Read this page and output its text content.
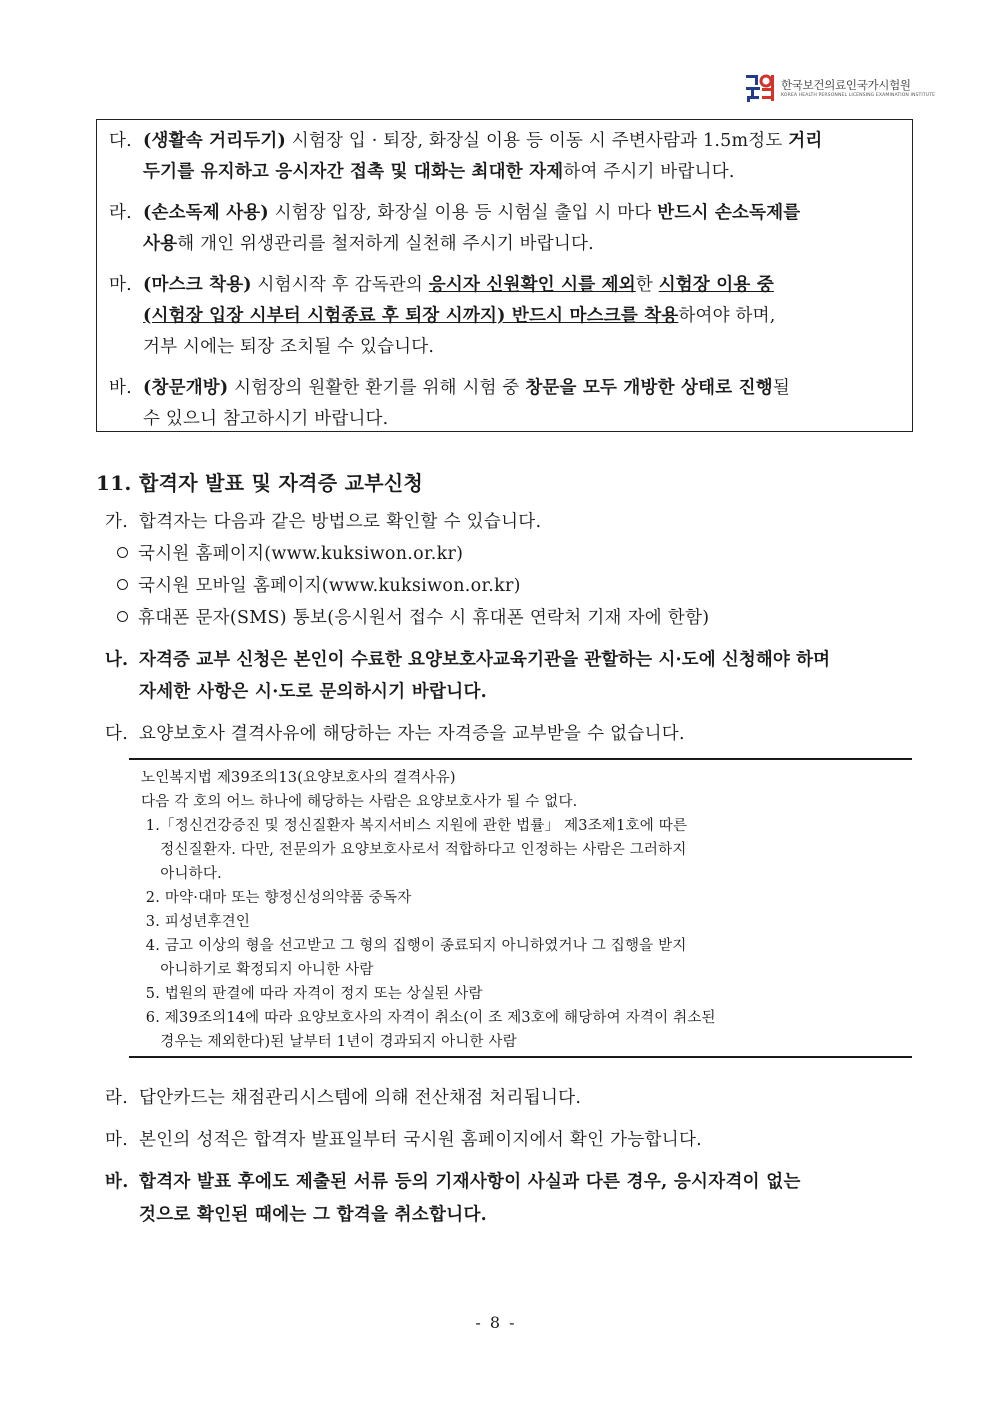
한국보건의료인국가시험원
KOREA HEALTH PERSONNEL LICENSING EXAMINATION INSTITUTE
다. (생활속 거리두기) 시험장 입 · 퇴장, 화장실 이용 등 이동 시 주변사람과 1.5m정도 거리
두기를 유지하고 응시자간 접촉 및 대화는 최대한 자제하여 주시기 바랍니다.
라. (손소독제 사용) 시험장 입장, 화장실 이용 등 시험실 출입 시 마다 반드시 손소독제를
사용해 개인 위생관리를 철저하게 실천해 주시기 바랍니다.
마. (마스크 착용) 시험시작 후 감독관의 응시자 신원확인 시를 제외한 시험장 이용 중
(시험장 입장 시부터 시험종료 후 퇴장 시까지) 반드시 마스크를 착용하여야 하며,
거부 시에는 퇴장 조치될 수 있습니다.
바. (창문개방) 시험장의 원활한 환기를 위해 시험 중 창문을 모두 개방한 상태로 진행될
수 있으니 참고하시기 바랍니다.
11. 합격자 발표 및 자격증 교부신청
가. 합격자는 다음과 같은 방법으로 확인할 수 있습니다.
국시원 홈페이지(www.kuksiwon.or.kr)
국시원 모바일 홈페이지(www.kuksiwon.or.kr)
휴대폰 문자(SMS) 통보(응시원서 접수 시 휴대폰 연락처 기재 자에 한함)
나. 자격증 교부 신청은 본인이 수료한 요양보호사교육기관을 관할하는 시·도에 신청해야 하며
자세한 사항은 시·도로 문의하시기 바랍니다.
다. 요양보호사 결격사유에 해당하는 자는 자격증을 교부받을 수 없습니다.
노인복지법 제39조의13(요양보호사의 결격사유)
다음 각 호의 어느 하나에 해당하는 사람은 요양보호사가 될 수 없다.
1.「정신건강증진 및 정신질환자 복지서비스 지원에 관한 법률」 제3조제1호에 따른
정신질환자. 다만, 전문의가 요양보호사로서 적합하다고 인정하는 사람은 그러하지
아니하다.
2. 마약·대마 또는 향정신성의약품 중독자
3. 피성년후견인
4. 금고 이상의 형을 선고받고 그 형의 집행이 종료되지 아니하였거나 그 집행을 받지
아니하기로 확정되지 아니한 사람
5. 법원의 판결에 따라 자격이 정지 또는 상실된 사람
6. 제39조의14에 따라 요양보호사의 자격이 취소(이 조 제3호에 해당하여 자격이 취소된
경우는 제외한다)된 날부터 1년이 경과되지 아니한 사람
라. 답안카드는 채점관리시스템에 의해 전산채점 처리됩니다.
마. 본인의 성적은 합격자 발표일부터 국시원 홈페이지에서 확인 가능합니다.
바. 합격자 발표 후에도 제출된 서류 등의 기재사항이 사실과 다른 경우, 응시자격이 없는
것으로 확인된 때에는 그 합격을 취소합니다.
- 8 -
